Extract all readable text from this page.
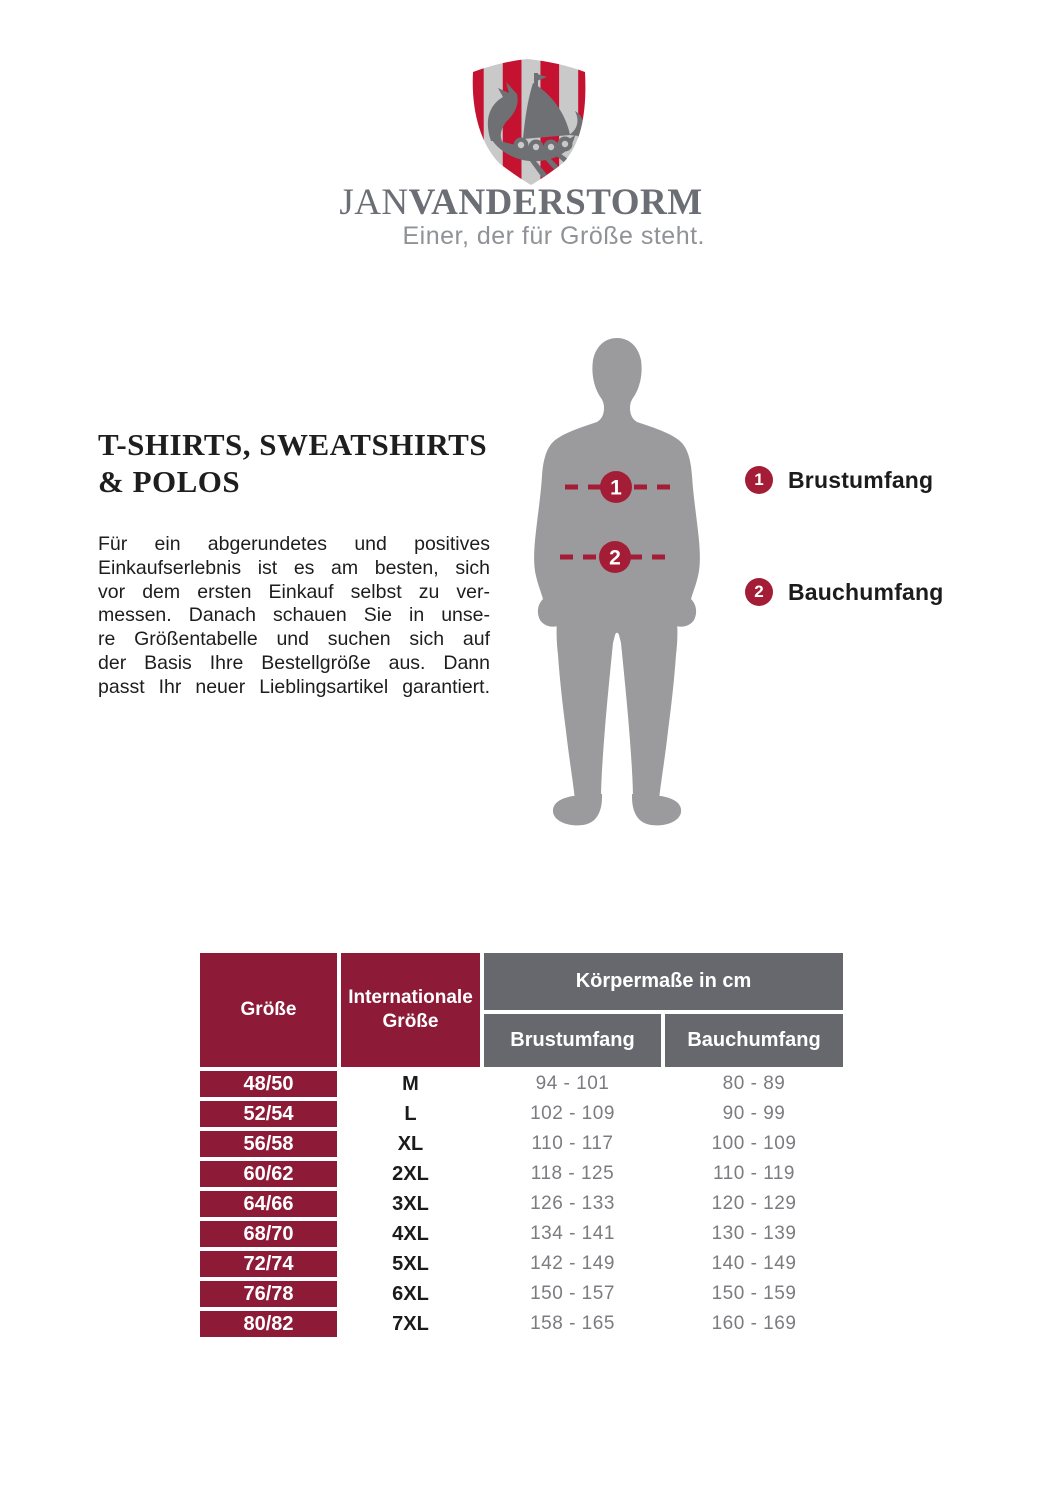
JANVANDERSTORM
Einer, der für Größe steht.
T-SHIRTS, SWEATSHIRTS
& POLOS
Für ein abgerundetes und positives
Einkaufserlebnis ist es am besten, sich
vor dem ersten Einkauf selbst zu ver-
messen. Danach schauen Sie in unse-
re Größentabelle und suchen sich auf
der Basis Ihre Bestellgröße aus. Dann
passt Ihr neuer Lieblingsartikel garantiert.
1
2
1	Brustumfang
2	Bauchumfang
Größe
Internationale Größe
Körpermaße in cm
Brustumfang	Bauchumfang
48/50	M	94 - 101	80 - 89
52/54	L	102 - 109	90 - 99
56/58	XL	110 - 117	100 - 109
60/62	2XL	118 - 125	110 - 119
64/66	3XL	126 - 133	120 - 129
68/70	4XL	134 - 141	130 - 139
72/74	5XL	142 - 149	140 - 149
76/78	6XL	150 - 157	150 - 159
80/82	7XL	158 - 165	160 - 169
